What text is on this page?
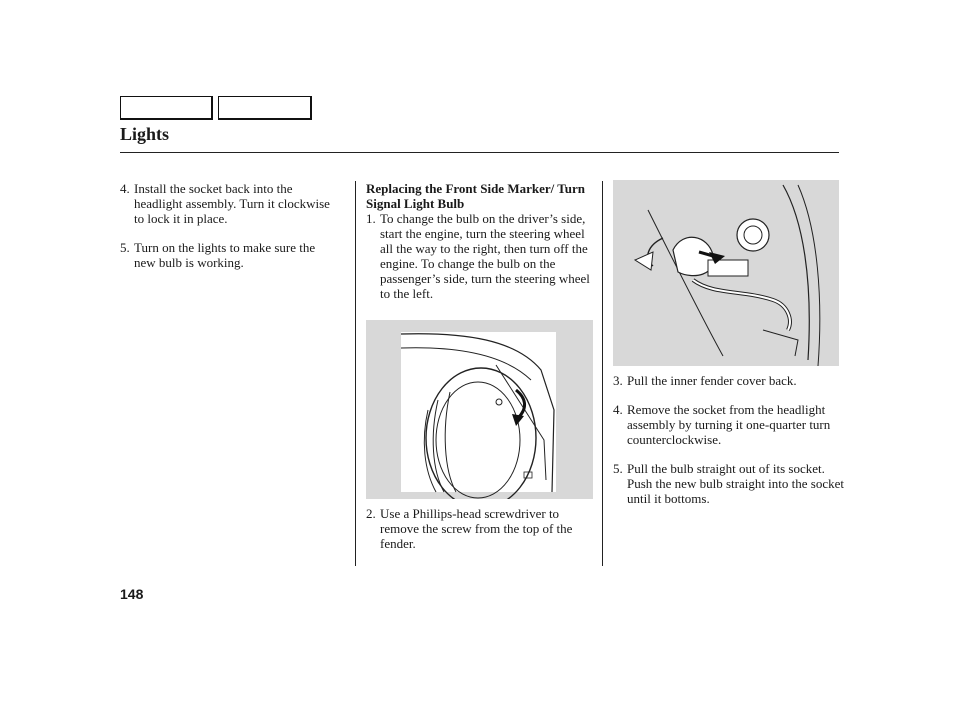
Lights
4. Install the socket back into the headlight assembly. Turn it clockwise to lock it in place.
5. Turn on the lights to make sure the new bulb is working.

Replacing the Front Side Marker/ Turn Signal Light Bulb

1. To change the bulb on the driver’s side, start the engine, turn the steering wheel all the way to the right, then turn off the engine. To change the bulb on the passenger’s side, turn the steering wheel to the left.
2. Use a Phillips-head screwdriver to remove the screw from the top of the fender.
3. Pull the inner fender cover back.
4. Remove the socket from the headlight assembly by turning it one-quarter turn counterclockwise.
5. Pull the bulb straight out of its socket. Push the new bulb straight into the socket until it bottoms.
148
